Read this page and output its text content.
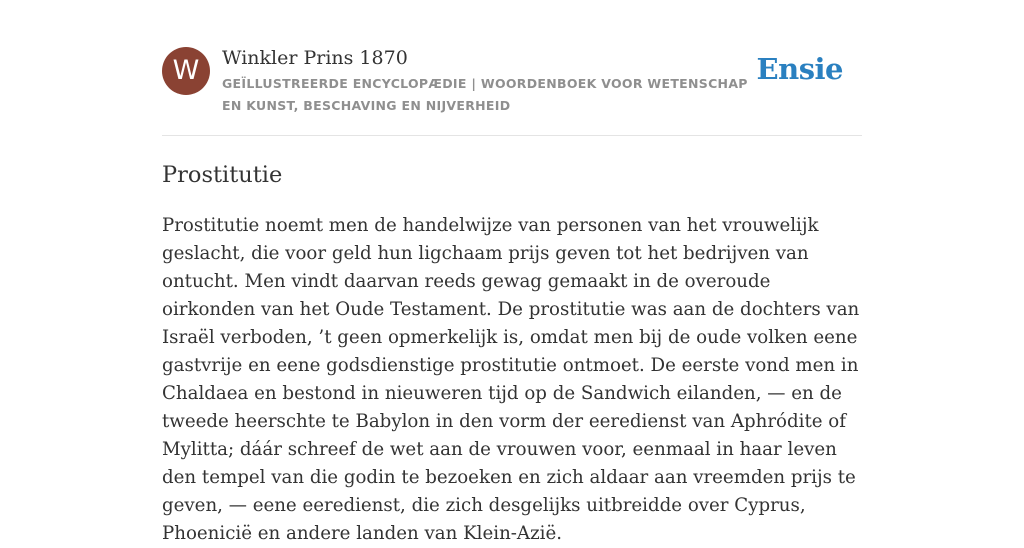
W	Winkler Prins 1870
GEÏLLUSTREERDE ENCYCLOPÆDIE | WOORDENBOEK VOOR WETENSCHAP EN KUNST, BESCHAVING EN NIJVERHEID
Ensie
Prostitutie

Prostitutie noemt men de handelwijze van personen van het vrouwelijk geslacht, die voor geld hun ligchaam prijs geven tot het bedrijven van ontucht. Men vindt daarvan reeds gewag gemaakt in de overoude oirkonden van het Oude Testament. De prostitutie was aan de dochters van Israël verboden, ’t geen opmerkelijk is, omdat men bij de oude volken eene gastvrije en eene godsdienstige prostitutie ontmoet. De eerste vond men in Chaldaea en bestond in nieuweren tijd op de Sandwich eilanden, — en de tweede heerschte te Babylon in den vorm der eeredienst van Aphródite of Mylitta; dáár schreef de wet aan de vrouwen voor, eenmaal in haar leven den tempel van die godin te bezoeken en zich aldaar aan vreemden prijs te geven, — eene eeredienst, die zich desgelijks uitbreidde over Cyprus, Phoenicië en andere landen van Klein-Azië.
